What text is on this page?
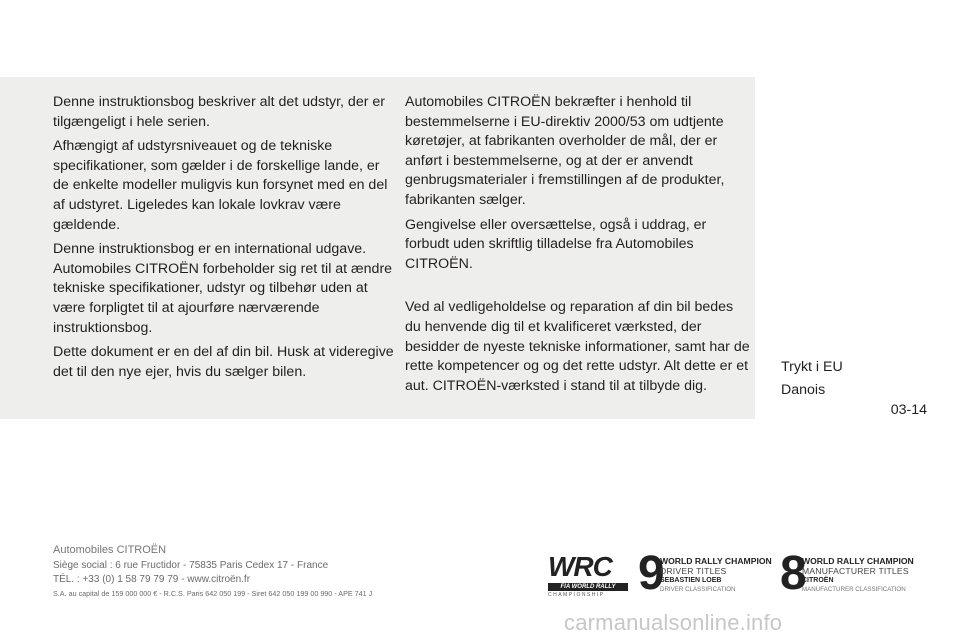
Denne instruktionsbog beskriver alt det udstyr, der er tilgængeligt i hele serien.

Afhængigt af udstyrsniveauet og de tekniske specifikationer, som gælder i de forskellige lande, er de enkelte modeller muligvis kun forsynet med en del af udstyret. Ligeledes kan lokale lovkrav være gældende.

Denne instruktionsbog er en international udgave. Automobiles CITROËN forbeholder sig ret til at ændre tekniske specifikationer, udstyr og tilbehør uden at være forpligtet til at ajourføre nærværende instruktionsbog.

Dette dokument er en del af din bil. Husk at videregive det til den nye ejer, hvis du sælger bilen.

Automobiles CITROËN bekræfter i henhold til bestemmelserne i EU-direktiv 2000/53 om udtjente køretøjer, at fabrikanten overholder de mål, der er anført i bestemmelserne, og at der er anvendt genbrugsmaterialer i fremstillingen af de produkter, fabrikanten sælger.

Gengivelse eller oversættelse, også i uddrag, er forbudt uden skriftlig tilladelse fra Automobiles CITROËN.

Ved al vedligeholdelse og reparation af din bil bedes du henvende dig til et kvalificeret værksted, der besidder de nyeste tekniske informationer, samt har de rette kompetencer og og det rette udstyr. Alt dette er et aut. CITROËN-værksted i stand til at tilbyde dig.

Trykt i EU
Danois
03-14
Automobiles CITROËN
Siège social : 6 rue Fructidor - 75835 Paris Cedex 17 - France
TÉL. : +33 (0) 1 58 79 79 79 - www.citroën.fr
S.A. au capital de 159 000 000 € - R.C.S. Paris 642 050 199 - Siret 642 050 199 00 990 - APE 741 J
WRC
FIA WORLD RALLY
CHAMPIONSHIP 9
WORLD RALLY CHAMPION
DRIVER TITLES
SEBASTIEN LOEB
DRIVER CLASSIFICATION 8
WORLD RALLY CHAMPION
MANUFACTURER TITLES
CITROËN
MANUFACTURER CLASSIFICATION
carmanualsonline.info
